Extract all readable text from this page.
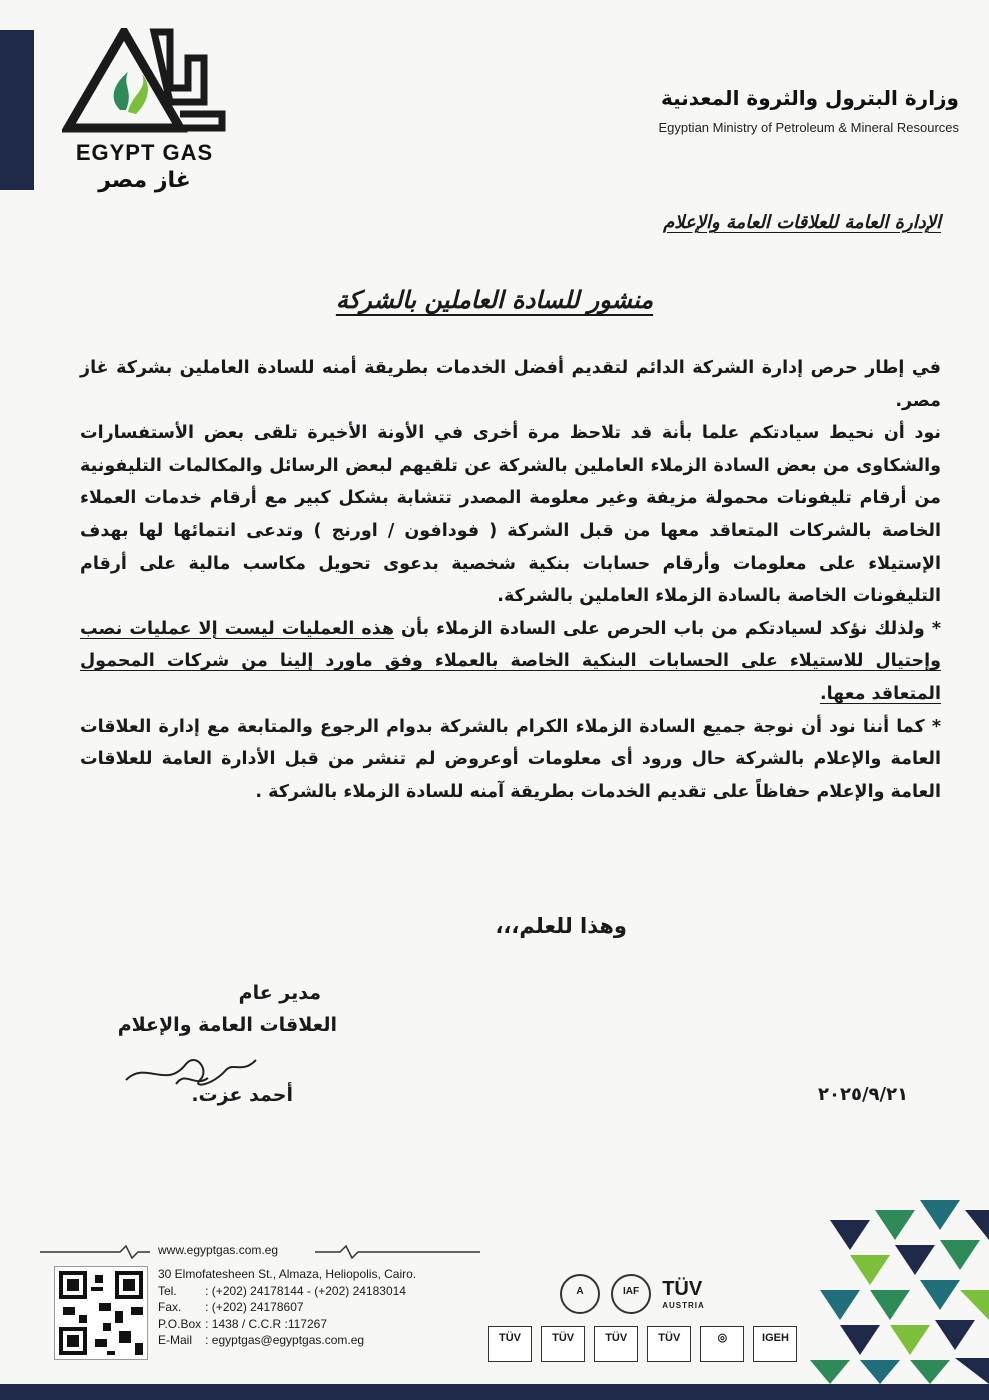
EGYPT GAS
غاز مصر
وزارة البترول والثروة المعدنية
Egyptian Ministry of Petroleum & Mineral Resources
الإدارة العامة للعلاقات العامة والإعلام
منشور للسادة العاملين بالشركة

في إطار حرص إدارة الشركة الدائم لتقديم أفضل الخدمات بطريقة أمنه للسادة العاملين بشركة غاز مصر.

نود أن نحيط سيادتكم علما بأنة قد تلاحظ مرة أخرى في الأونة الأخيرة تلقى بعض الأستفسارات والشكاوى من بعض السادة الزملاء العاملين بالشركة عن تلقيهم لبعض الرسائل والمكالمات التليفونية من أرقام تليفونات محمولة مزيفة وغير معلومة المصدر تتشابة بشكل كبير مع أرقام خدمات العملاء الخاصة بالشركات المتعاقد معها من قبل الشركة ( فودافون / اورنج ) وتدعى انتمائها لها بهدف الإستيلاء على معلومات وأرقام حسابات بنكية شخصية بدعوى تحويل مكاسب مالية على أرقام التليفونات الخاصة بالسادة الزملاء العاملين بالشركة.

* ولذلك نؤكد لسيادتكم من باب الحرص على السادة الزملاء بأن هذه العمليات ليست إلا عمليات نصب وإحتيال للاستيلاء على الحسابات البنكية الخاصة بالعملاء وفق ماورد إلينا من شركات المحمول المتعاقد معها.

* كما أننا نود أن نوجة جميع السادة الزملاء الكرام بالشركة بدوام الرجوع والمتابعة مع إدارة العلاقات العامة والإعلام بالشركة حال ورود أى معلومات أوعروض لم تنشر من قبل الأدارة العامة للعلاقات العامة والإعلام حفاظاً على تقديم الخدمات بطريقة آمنه للسادة الزملاء بالشركة .

وهذا للعلم،،،
مدير عام
العلاقات العامة والإعلام
أحمد عزت.	٢٠٢٥/٩/٢١
www.egyptgas.com.eg
30 Elmofatesheen St., Almaza, Heliopolis, Cairo.
Tel.	: (+202) 24178144 - (+202) 24183014
Fax.	: (+202) 24178607
P.O.Box	: 1438 / C.C.R :117267
E-Mail	: egyptgas@egyptgas.com.eg
A	IAF TÜV
AUSTRIA
TÜV	TÜV	TÜV	TÜV	◎	IGEH
